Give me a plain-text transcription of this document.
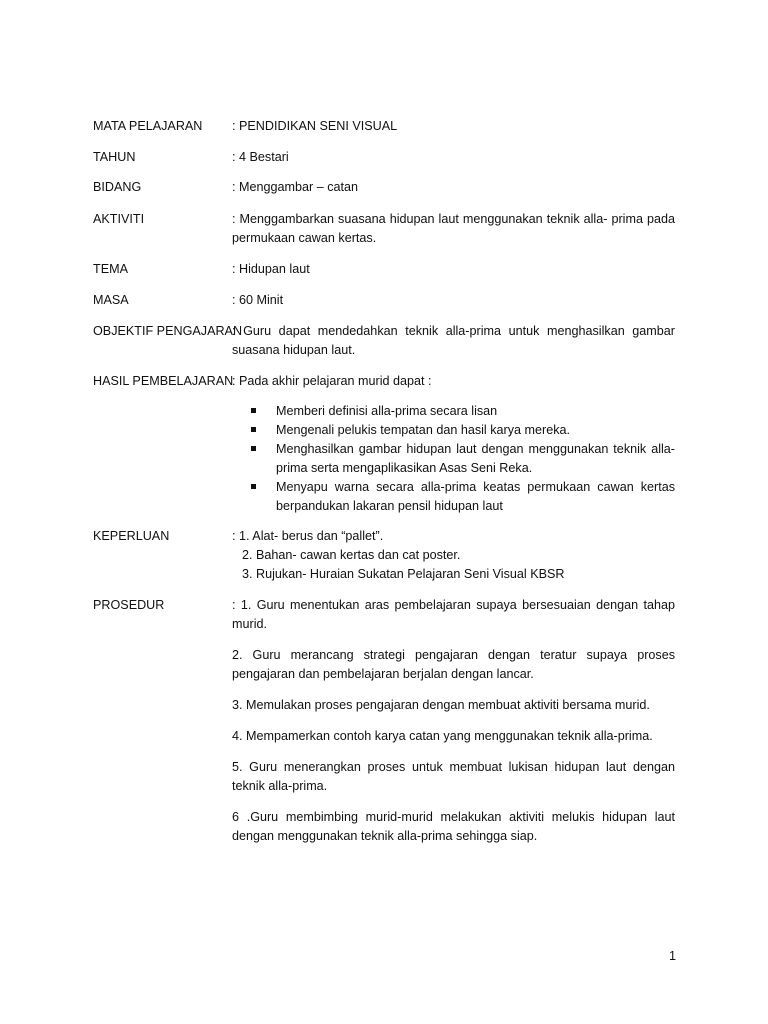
MATA PELAJARAN	: PENDIDIKAN SENI VISUAL
TAHUN	: 4 Bestari
BIDANG	: Menggambar – catan
AKTIVITI	: Menggambarkan suasana hidupan laut menggunakan teknik alla- prima pada permukaan cawan kertas.
TEMA	: Hidupan laut
MASA	: 60 Minit
OBJEKTIF PENGAJARAN
: Guru dapat mendedahkan teknik alla-prima untuk menghasilkan gambar suasana hidupan laut.
HASIL PEMBELAJARAN
: Pada akhir pelajaran murid dapat :
Memberi definisi alla-prima secara lisan
Mengenali pelukis tempatan dan hasil karya mereka.
Menghasilkan gambar hidupan laut dengan menggunakan teknik alla-prima serta mengaplikasikan Asas Seni Reka.
Menyapu warna secara alla-prima keatas permukaan cawan kertas berpandukan lakaran pensil hidupan laut
KEPERLUAN	: 1. Alat- berus dan “pallet”.
2. Bahan- cawan kertas dan cat poster.
3. Rujukan- Huraian Sukatan Pelajaran Seni Visual KBSR
PROSEDUR	: 1. Guru menentukan aras pembelajaran supaya bersesuaian dengan tahap murid.

2. Guru merancang strategi pengajaran dengan teratur supaya proses pengajaran dan pembelajaran berjalan dengan lancar.

3. Memulakan proses pengajaran dengan membuat aktiviti bersama murid.

4. Mempamerkan contoh karya catan yang menggunakan teknik alla-prima.

5. Guru menerangkan proses untuk membuat lukisan hidupan laut dengan teknik alla-prima.

6 .Guru membimbing murid-murid melakukan aktiviti melukis hidupan laut dengan menggunakan teknik alla-prima sehingga siap.

1
